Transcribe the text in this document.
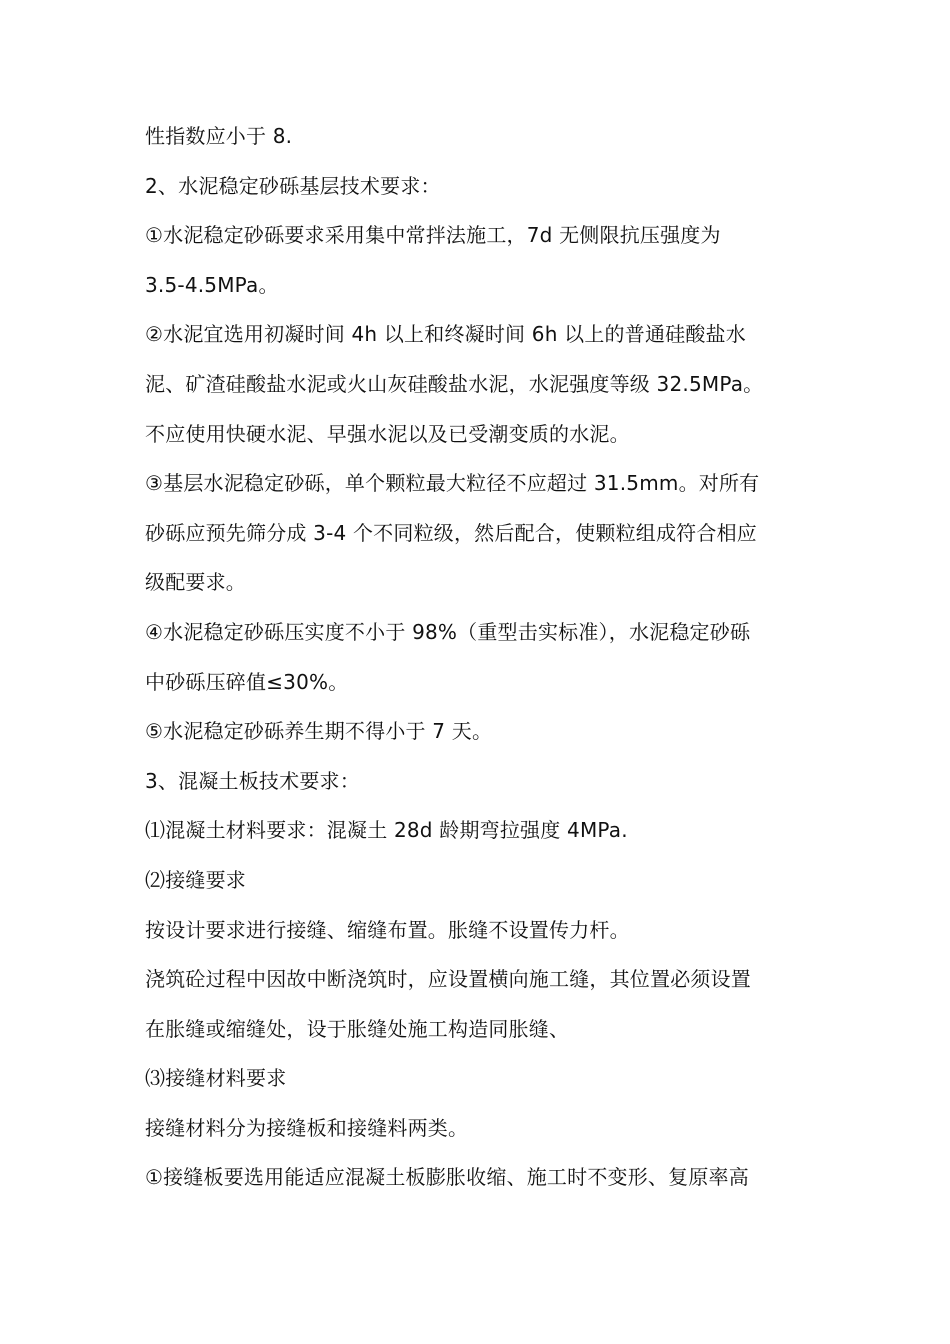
性指数应小于 8.
2、水泥稳定砂砾基层技术要求：
①水泥稳定砂砾要求采用集中常拌法施工，7d 无侧限抗压强度为
3.5-4.5MPa。
②水泥宜选用初凝时间 4h 以上和终凝时间 6h 以上的普通硅酸盐水
泥、矿渣硅酸盐水泥或火山灰硅酸盐水泥，水泥强度等级 32.5MPa。
不应使用快硬水泥、早强水泥以及已受潮变质的水泥。
③基层水泥稳定砂砾，单个颗粒最大粒径不应超过 31.5mm。对所有
砂砾应预先筛分成 3-4 个不同粒级，然后配合，使颗粒组成符合相应
级配要求。
④水泥稳定砂砾压实度不小于 98%（重型击实标准），水泥稳定砂砾
中砂砾压碎值≤30%。
⑤水泥稳定砂砾养生期不得小于 7 天。
3、混凝土板技术要求：
⑴混凝土材料要求：混凝土 28d 龄期弯拉强度 4MPa.
⑵接缝要求
按设计要求进行接缝、缩缝布置。胀缝不设置传力杆。
浇筑砼过程中因故中断浇筑时，应设置横向施工缝，其位置必须设置
在胀缝或缩缝处，设于胀缝处施工构造同胀缝、
⑶接缝材料要求
接缝材料分为接缝板和接缝料两类。
①接缝板要选用能适应混凝土板膨胀收缩、施工时不变形、复原率高
